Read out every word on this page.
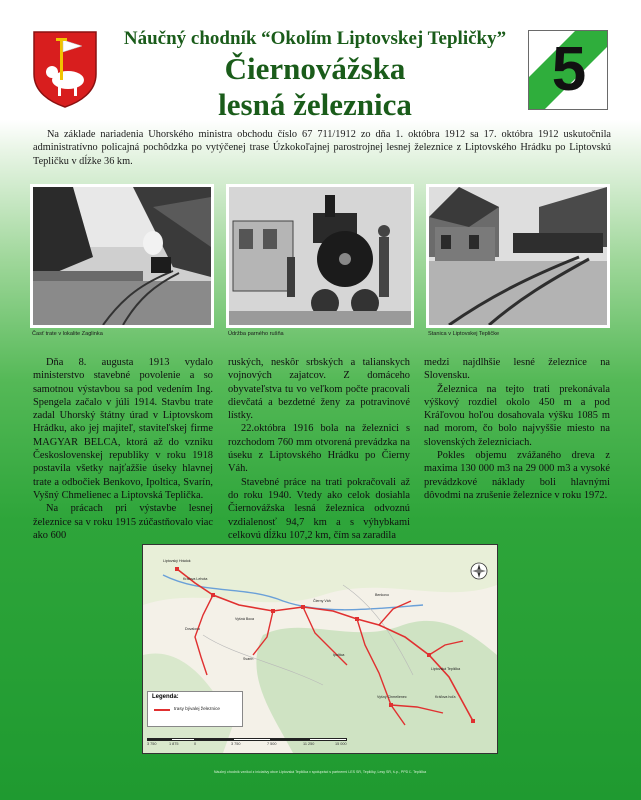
Náučný chodník “Okolím Liptovskej Tepličky”
Čiernovážska
lesná železnica
5

Na základe nariadenia Uhorského ministra obchodu číslo 67 711/1912 zo dňa 1. októbra 1912 sa 17. októbra 1912 uskutočnila administratívno policajná pochôdzka po vytýčenej trase Úzkokoľajnej parostrojnej lesnej železnice z Liptovského Hrádku po Liptovskú Tepličku v dĺžke 36 km.

Časť trate v lokalite Zaglinka	Údržba parného rušňa	Stanica v Liptovskej Tepličke

Dňa 8. augusta 1913 vydalo ministerstvo stavebné povolenie a so samotnou výstavbou sa pod vedením Ing. Spengela začalo v júli 1914. Stavbu trate zadal Uhorský štátny úrad v Liptovskom Hrádku, ako jej majiteľ, staviteľskej firme MAGYAR BELCA, ktorá až do vzniku Československej republiky v roku 1918 postavila všetky najťažšie úseky hlavnej trate a odbočiek Benkovo, Ipoltica, Svarín, Vyšný Chmelienec a Liptovská Teplička.

Na prácach pri výstavbe lesnej železnice sa v roku 1915 zúčastňovalo viac ako 600

ruských, neskôr srbských a talianskych vojnových zajatcov. Z domáceho obyvateľstva tu vo veľkom počte pracovali dievčatá a bezdetné ženy za potravinové lístky.

22.októbra 1916 bola na železnici s rozchodom 760 mm otvorená prevádzka na úseku z Liptovského Hrádku po Čierny Váh.

Stavebné práce na trati pokračovali až do roku 1940. Vtedy ako celok dosiahla Čiernovážska lesná železnica odvoznú vzdialenosť 94,7 km a s výhybkami celkovú dĺžku 107,2 km, čím sa zaradila

medzi najdlhšie lesné železnice na Slovensku.

Železnica na tejto trati prekonávala výškový rozdiel okolo 450 m a pod Kráľovou hoľou dosahovala výšku 1085 m nad morom, čo bolo najvyššie miesto na slovenských železniciach.

Pokles objemu zvážaného dreva z maxima 130 000 m3 na 29 000 m3 a vysoké prevádzkové náklady boli hlavnými dôvodmi na zrušenie železnice v roku 1972.

Legenda:
trasy bývalej železnice
3 750	1 875	0	3 750	7 500	11 250	15 000
Liptovský Hrádok
Kráľova Lehota
Dovalovo
Vyšná Boca
Svarín
Čierny Váh
Benkovo
Ipoltica
Liptovská Teplička
Vyšný Chmelienec	Kráľova hoľa
Náučný chodník vznikol z iniciatívy obce Liptovská Teplička v spolupráci s partnermi LES SR, Tepličky, Lesy SR, š.p., PPD Ľ. Teplička
